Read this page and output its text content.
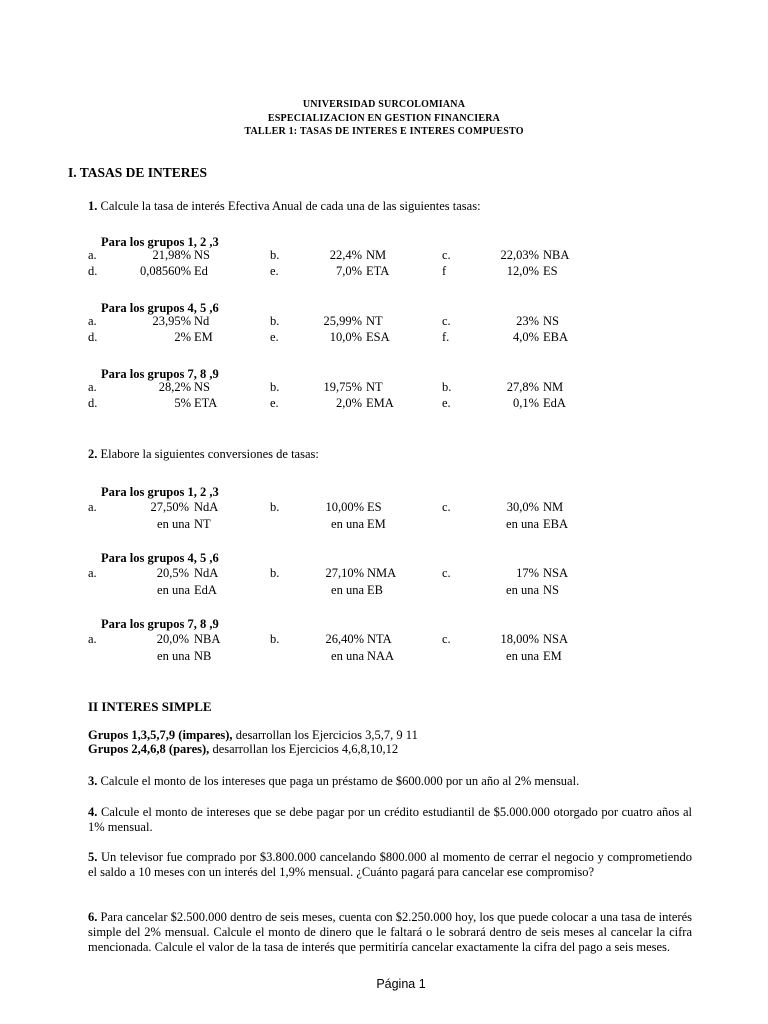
UNIVERSIDAD SURCOLOMIANA
ESPECIALIZACION EN GESTION FINANCIERA
TALLER 1: TASAS DE INTERES E INTERES COMPUESTO
I. TASAS DE INTERES
1. Calcule la tasa de interés Efectiva Anual de cada una de las siguientes tasas:
Para los grupos 1, 2 ,3
a.	21,98% NS	b.	22,4% NM	c.	22,03% NBA
d.	0,08560% Ed	e.	7,0% ETA	f	12,0% ES
Para los grupos 4, 5 ,6
a.	23,95% Nd	b.	25,99% NT	c.	23% NS
d.	2% EM	e.	10,0% ESA	f.	4,0% EBA
Para los grupos 7, 8 ,9
a.	28,2% NS	b.	19,75% NT	b.	27,8% NM
d.	5% ETA	e.	2,0% EMA	e.	0,1% EdA
2. Elabore la siguientes conversiones de tasas:
Para los grupos 1, 2 ,3
a.	27,50% NdA
en una NT
b.	10,00% ES
en una EM
c.	30,0% NM
en una EBA
Para los grupos 4, 5 ,6
a.	20,5% NdA
en una EdA
b.	27,10% NMA
en una EB
c.	17% NSA
en una NS
Para los grupos 7, 8 ,9
a.	20,0% NBA
en una NB
b.	26,40% NTA
en una NAA
c.	18,00% NSA
en una EM
II INTERES SIMPLE
Grupos 1,3,5,7,9 (impares), desarrollan los Ejercicios 3,5,7, 9 11
Grupos 2,4,6,8 (pares), desarrollan los Ejercicios 4,6,8,10,12
3. Calcule el monto de los intereses que paga un préstamo de $600.000 por un año al 2% mensual.
4. Calcule el monto de intereses que se debe pagar por un crédito estudiantil de $5.000.000 otorgado por cuatro años al 1% mensual.
5. Un televisor fue comprado por $3.800.000 cancelando $800.000 al momento de cerrar el negocio y comprometiendo el saldo a 10 meses con un interés del 1,9% mensual. ¿Cuánto pagará para cancelar ese compromiso?
6. Para cancelar $2.500.000 dentro de seis meses, cuenta con $2.250.000 hoy, los que puede colocar a una tasa de interés simple del 2% mensual. Calcule el monto de dinero que le faltará o le sobrará dentro de seis meses al cancelar la cifra mencionada. Calcule el valor de la tasa de interés que permitiría cancelar exactamente la cifra del pago a seis meses.
Página 1
